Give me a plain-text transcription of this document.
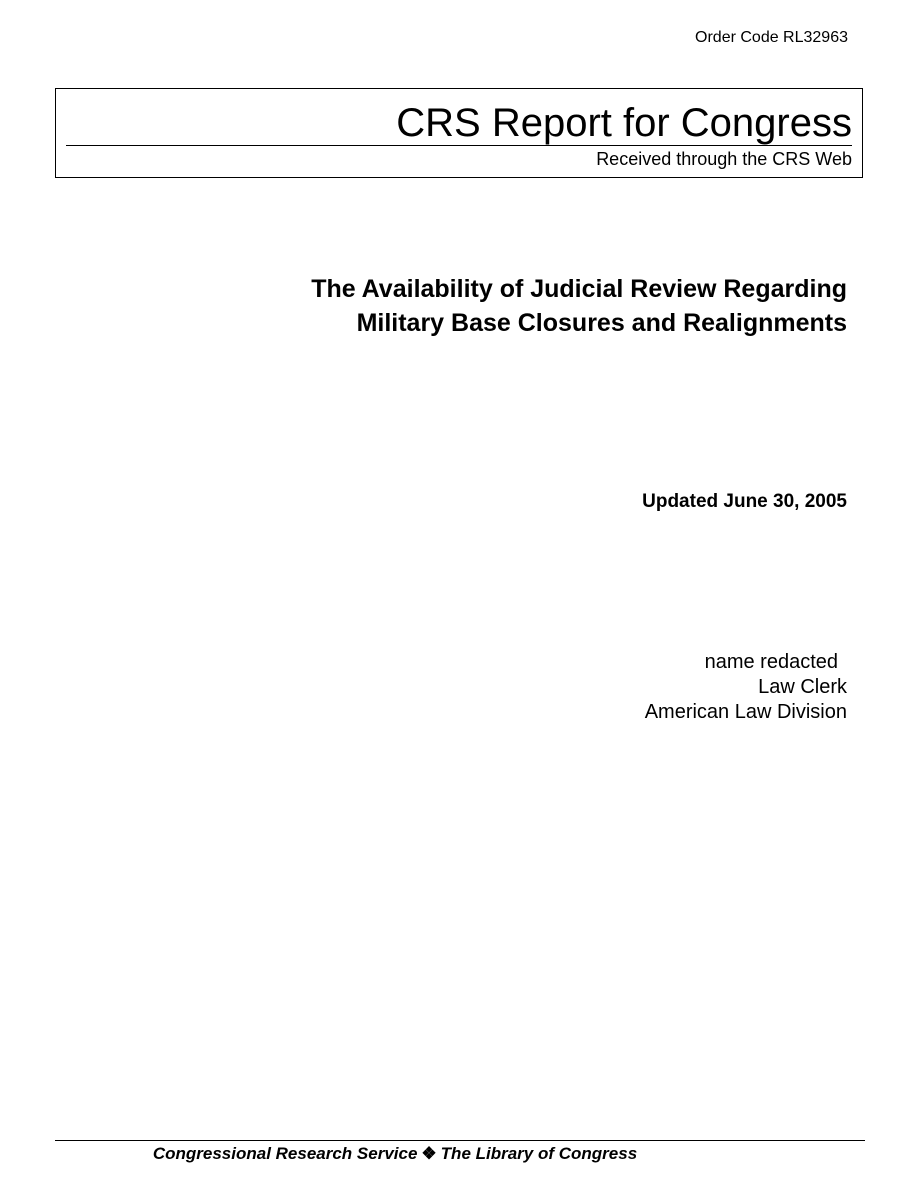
Order Code RL32963
CRS Report for Congress
Received through the CRS Web
The Availability of Judicial Review Regarding
Military Base Closures and Realignments
Updated June 30, 2005
name redacted
Law Clerk
American Law Division
Congressional Research Service ❖ The Library of Congress
